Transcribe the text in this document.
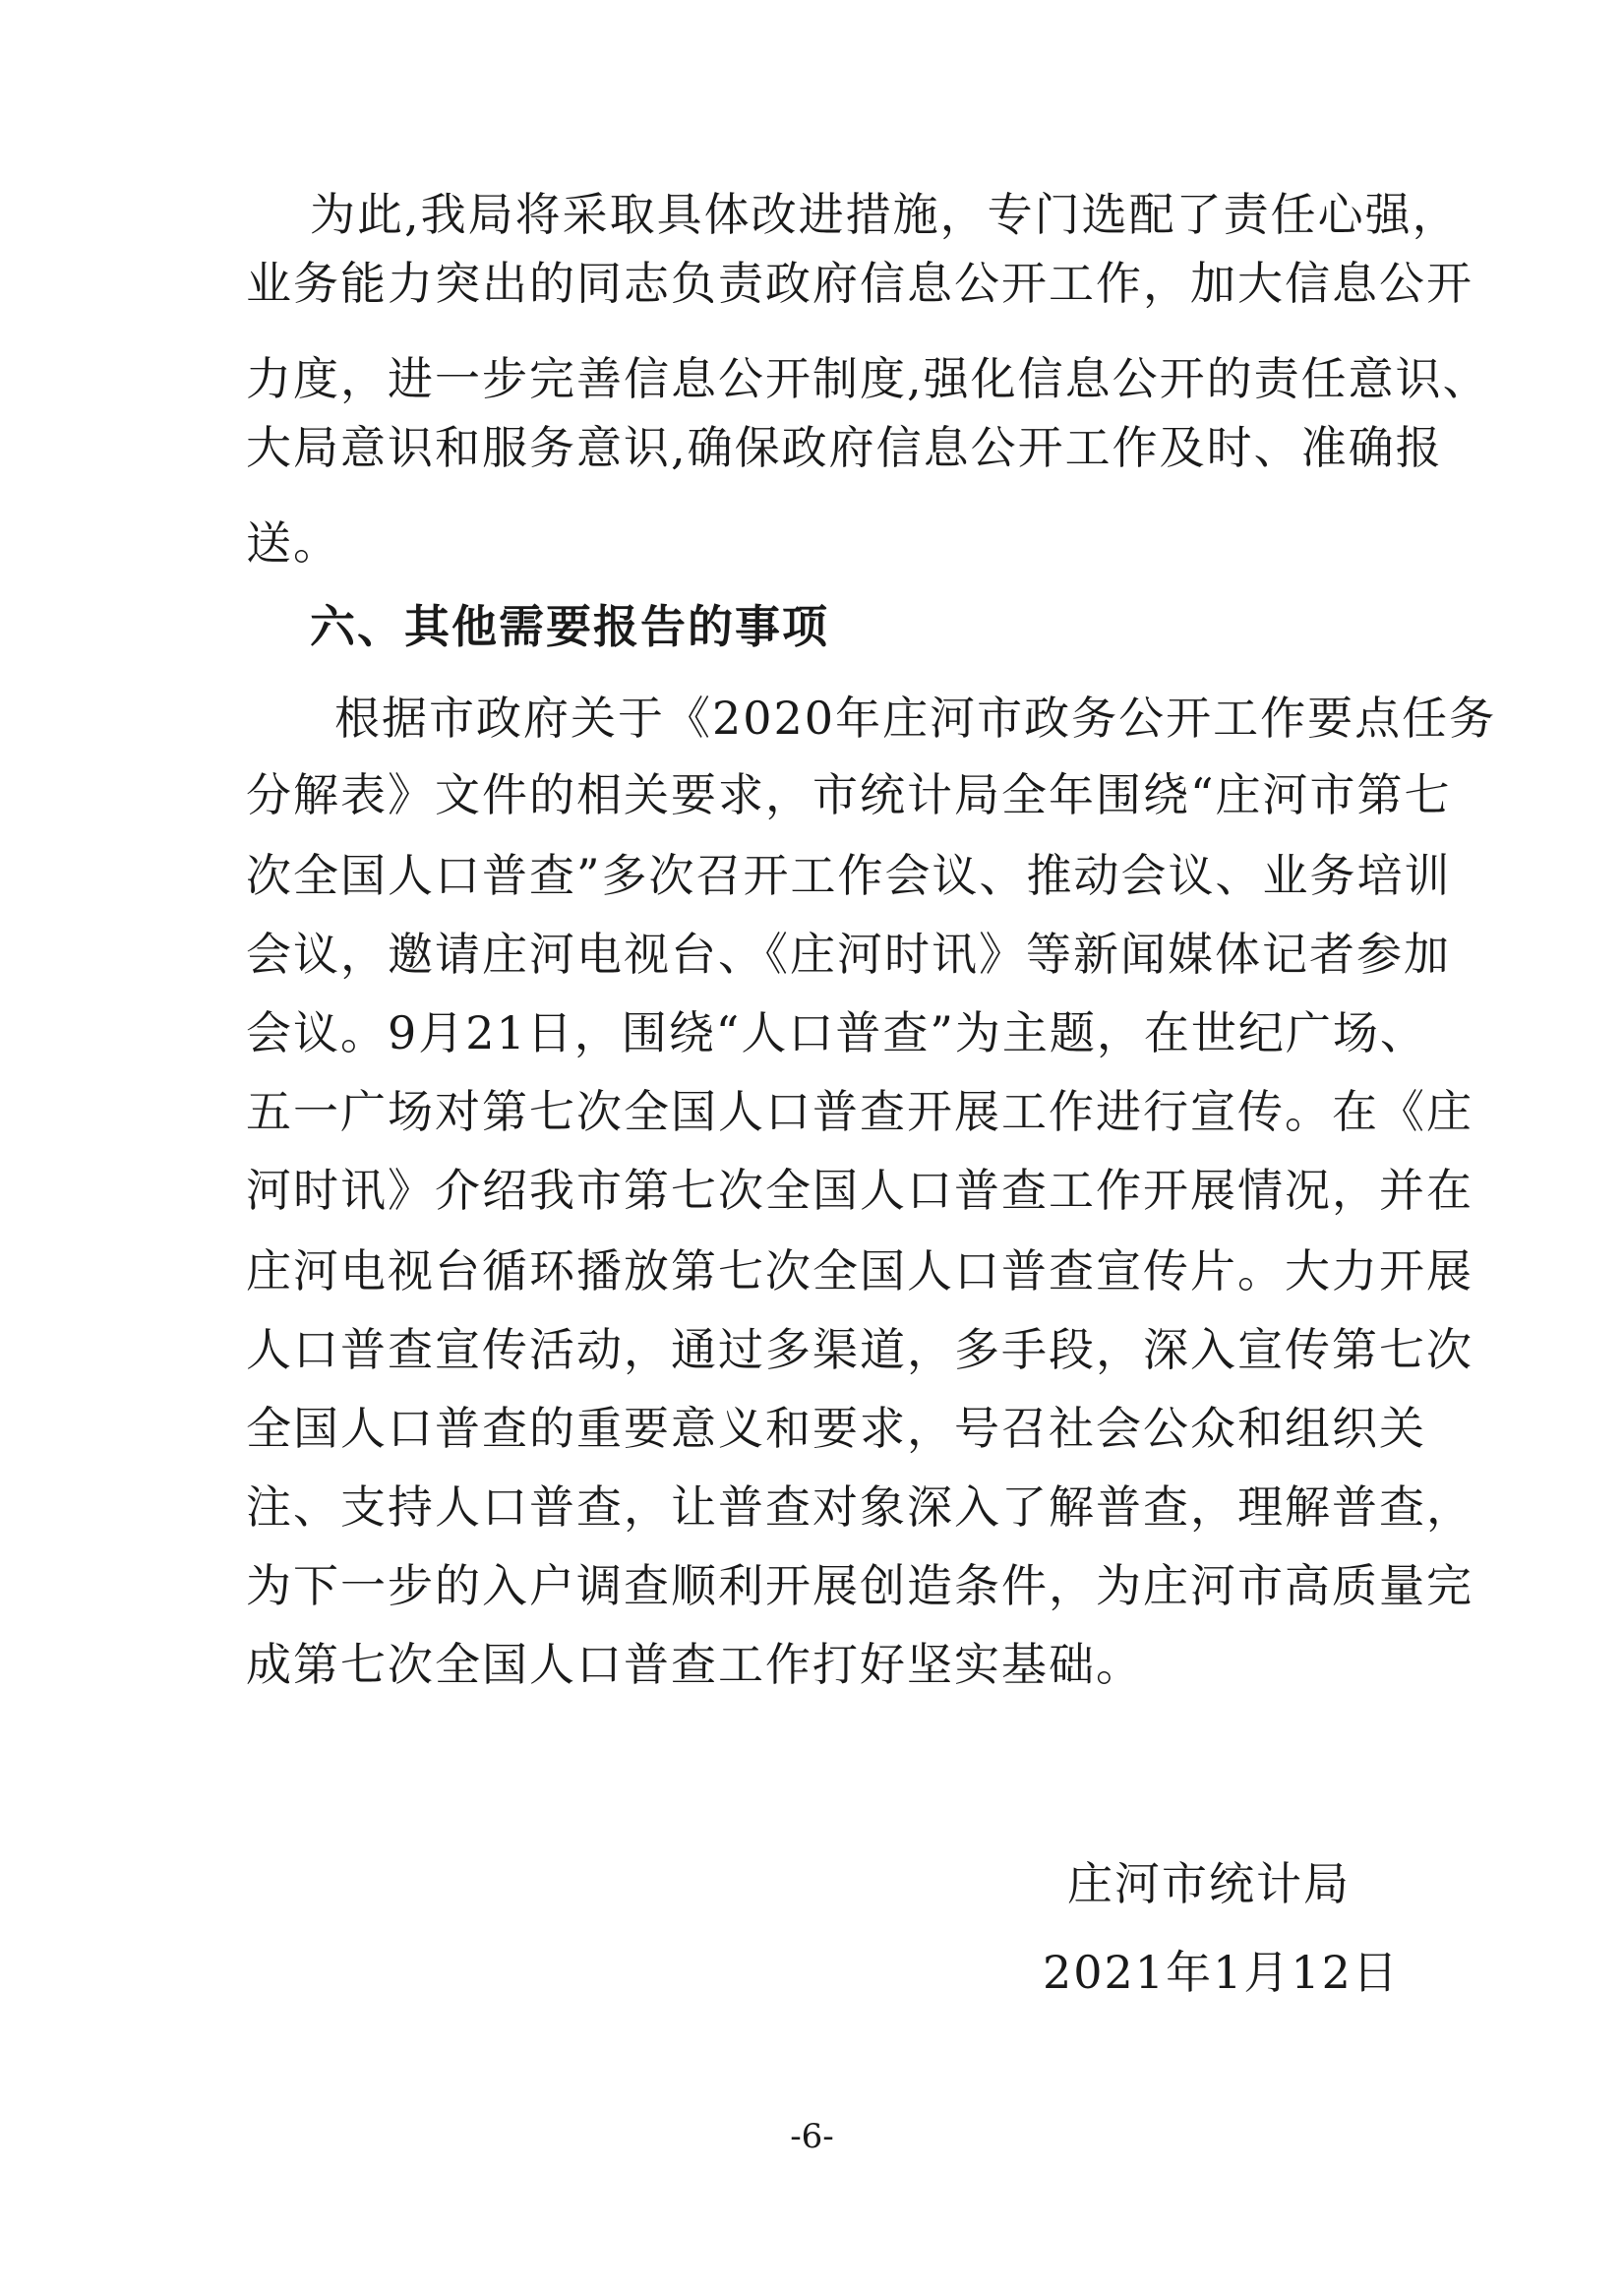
为此,我局将采取具体改进措施，专门选配了责任心强，
业务能力突出的同志负责政府信息公开工作，加大信息公开
力度，进一步完善信息公开制度,强化信息公开的责任意识、
大局意识和服务意识,确保政府信息公开工作及时、准确报
送。
六、其他需要报告的事项
根据市政府关于《2020年庄河市政务公开工作要点任务
分解表》文件的相关要求，市统计局全年围绕“庄河市第七
次全国人口普查”多次召开工作会议、推动会议、业务培训
会议，邀请庄河电视台、《庄河时讯》等新闻媒体记者参加
会议。9月21日，围绕“人口普查”为主题，在世纪广场、
五一广场对第七次全国人口普查开展工作进行宣传。在《庄
河时讯》介绍我市第七次全国人口普查工作开展情况，并在
庄河电视台循环播放第七次全国人口普查宣传片。大力开展
人口普查宣传活动，通过多渠道，多手段，深入宣传第七次
全国人口普查的重要意义和要求，号召社会公众和组织关
注、支持人口普查，让普查对象深入了解普查，理解普查，
为下一步的入户调查顺利开展创造条件，为庄河市高质量完
成第七次全国人口普查工作打好坚实基础。
庄河市统计局
2021年1月12日
-6-
